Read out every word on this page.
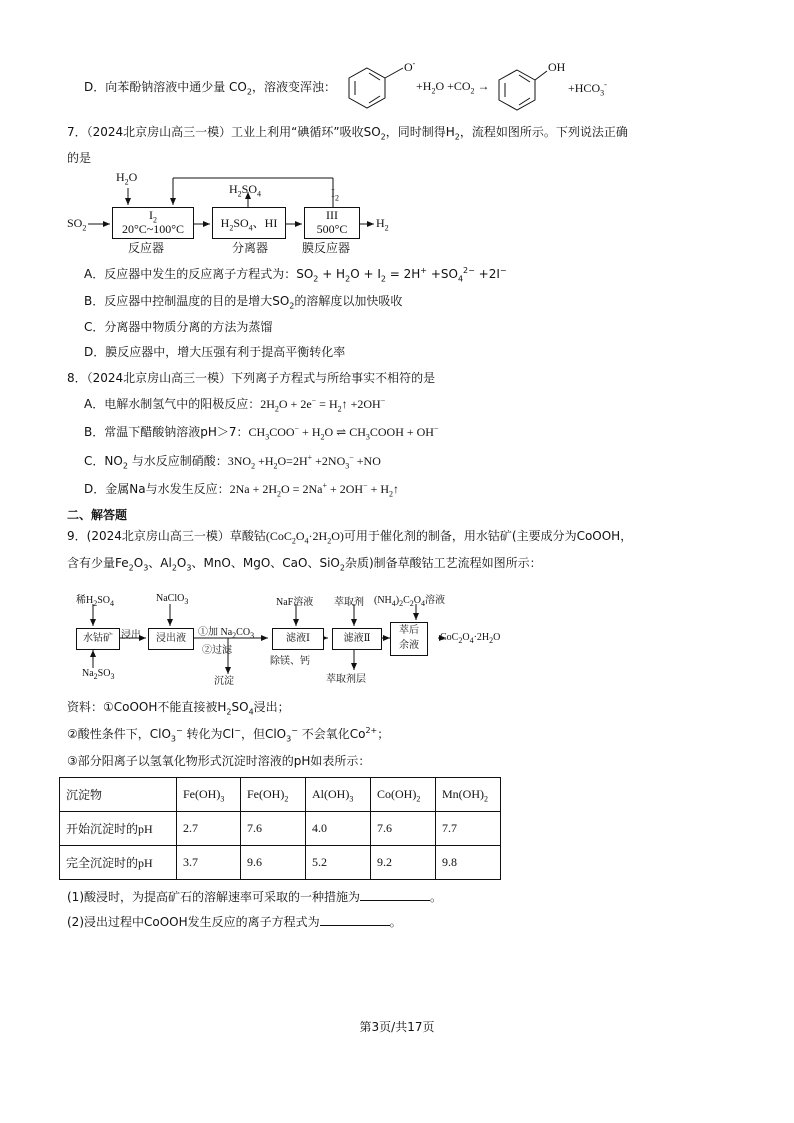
D．向苯酚钠溶液中通少量 $CO_2$，溶液变浑浊：
O-
$+H_2O +CO_2$ →
OH
$+HCO_3^-$
7．（2024北京房山高三一模）工业上利用“碘循环”吸收$SO_2$，同时制得$H_2$，流程如图所示。下列说法正确
的是
$H_2O$
$H_2SO_4$	$I_2$
$SO_2$
$I_2$
20°C~100°C	$H_2SO_4$、HI
III
500°C	$H_2$
反应器	分离器	膜反应器
A．反应器中发生的反应离子方程式为：$SO_2 + H_2O + I_2 = 2H^+ +SO_4^{2-} +2I^-$
B．反应器中控制温度的目的是增大$SO_2$的溶解度以加快吸收
C．分离器中物质分离的方法为蒸馏
D．膜反应器中，增大压强有利于提高平衡转化率
8．（2024北京房山高三一模）下列离子方程式与所给事实不相符的是
A．电解水制氢气中的阳极反应：$2H_2O + 2e^-$ = $H_2↑ +2OH^-$
B．常温下醋酸钠溶液pH＞7：$CH_3COO^- + H_2O$ ⇌ $CH_3COOH + OH^-$
C．$NO_2$ 与水反应制硝酸：$3NO_2 +H_2O=2H^+ +2NO_3^- +NO$
D．金属Na与水发生反应：$2Na + 2H_2O = 2Na^+ + 2OH^-$ + $H_2↑$
二、解答题
9．(2024北京房山高三一模）草酸钴$(CoC_2O_4\cdot 2H_2O)$可用于催化剂的制备，用水钴矿(主要成分为CoOOH，
含有少量$Fe_2O_3$、$Al_2O_3$、MnO、MgO、CaO、SiO$_2$杂质)制备草酸钴工艺流程如图所示：
稀$H_2SO_4$	NaClO$_3$	NaF溶液 萃取剂 $(NH_4)_2C_2O_4$溶液
水钴矿 浸出	浸出液
①加 $Na_2CO_3$
②过滤
滤液Ⅰ
除镁、钙
滤液Ⅱ
萃后
余液
$CoC_2O_4\cdot 2H_2O$
$Na_2SO_3$	沉淀	萃取剂层
资料：①CoOOH不能直接被$H_2SO_4$浸出；
②酸性条件下，ClO$_3$− 转化为Cl−，但ClO$_3$− 不会氧化$Co^{2+}$；
③部分阳离子以氢氧化物形式沉淀时溶液的pH如表所示：
沉淀物	$Fe(OH)_3$	$Fe(OH)_2$	$Al(OH)_3$	$Co(OH)_2$	$Mn(OH)_2$
开始沉淀时的pH	2.7	7.6	4.0	7.6	7.7
完全沉淀时的pH	3.7	9.6	5.2	9.2	9.8
(1)酸浸时，为提高矿石的溶解速率可采取的一种措施为	。
(2)浸出过程中CoOOH发生反应的离子方程式为	。
第3页/共17页
